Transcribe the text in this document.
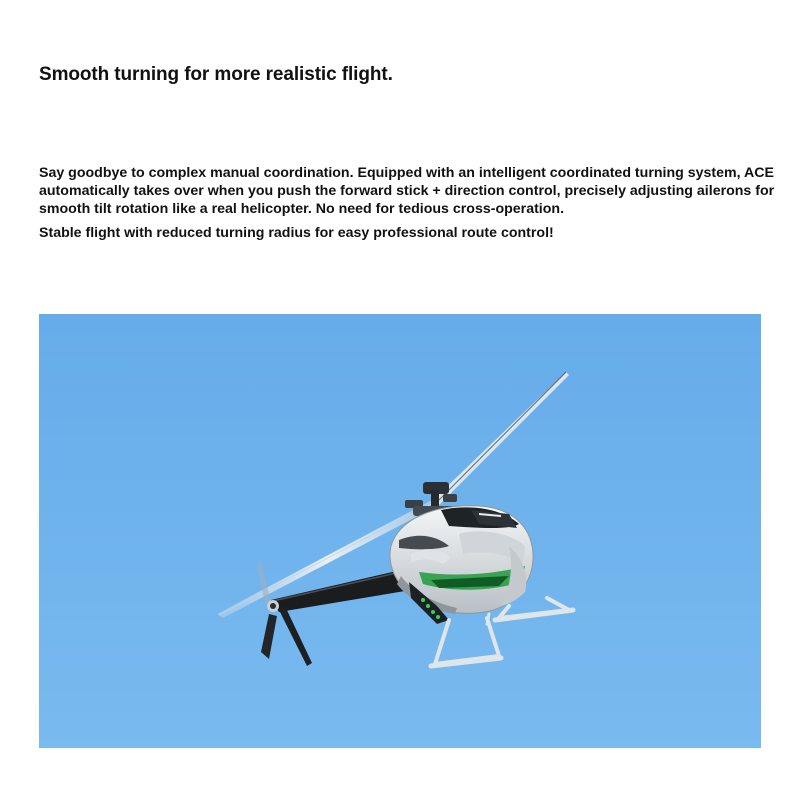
Smooth turning for more realistic flight.

Say goodbye to complex manual coordination. Equipped with an intelligent coordinated turning system, ACE automatically takes over when you push the forward stick + direction control, precisely adjusting ailerons for smooth tilt rotation like a real helicopter. No need for tedious cross-operation.

Stable flight with reduced turning radius for easy professional route control!
